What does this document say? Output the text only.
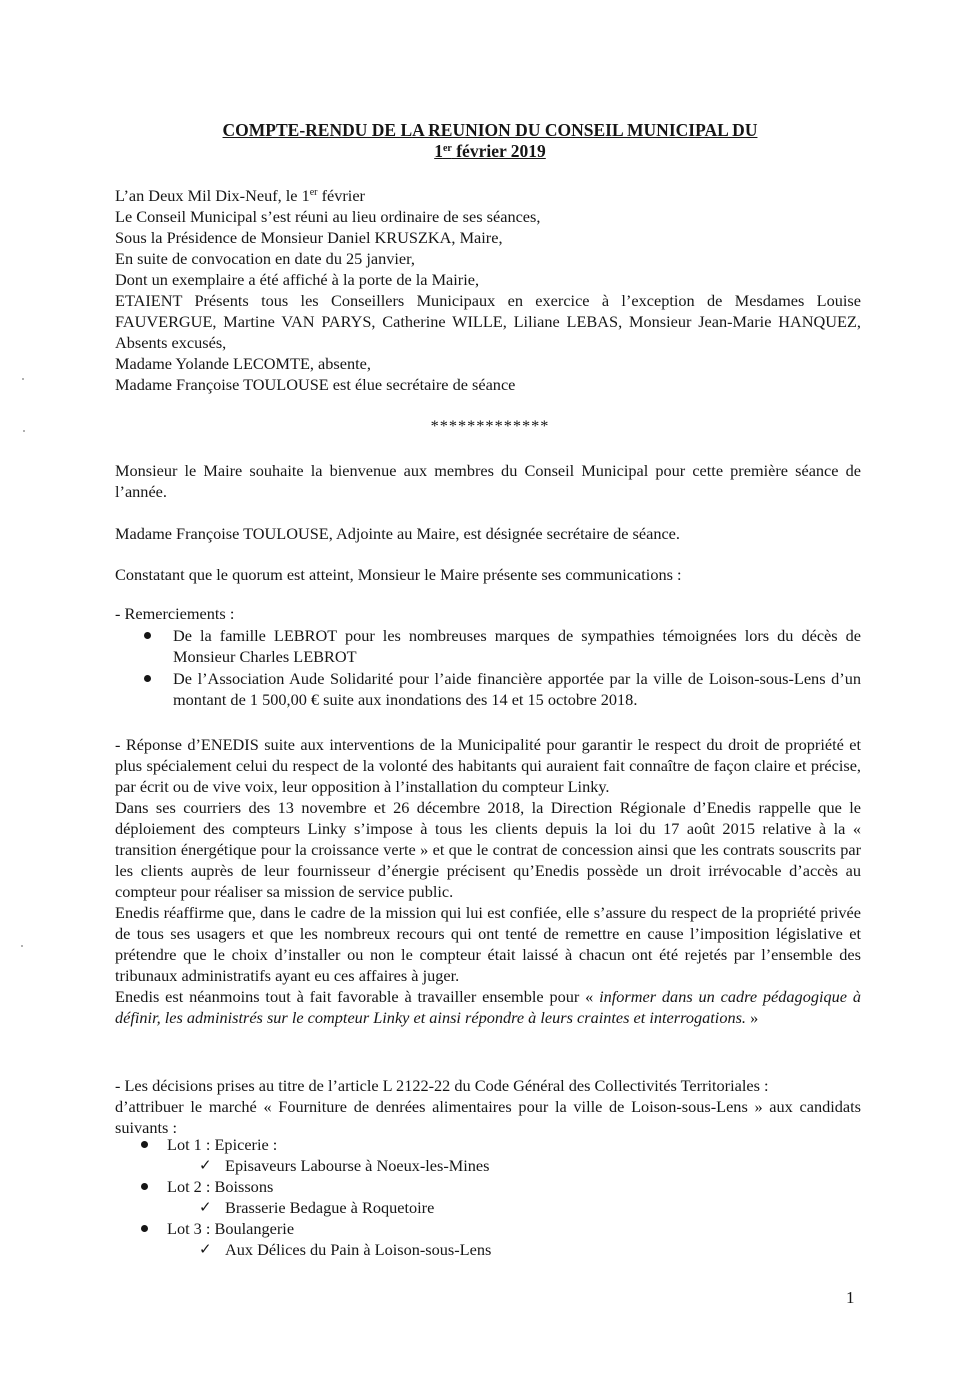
COMPTE-RENDU DE LA REUNION DU CONSEIL MUNICIPAL DU
1er février 2019
L’an Deux Mil Dix-Neuf, le 1er février
Le Conseil Municipal s’est réuni au lieu ordinaire de ses séances,
Sous la Présidence de Monsieur Daniel KRUSZKA, Maire,
En suite de convocation en date du 25 janvier,
Dont un exemplaire a été affiché à la porte de la Mairie,
ETAIENT Présents tous les Conseillers Municipaux en exercice à l’exception de Mesdames Louise FAUVERGUE, Martine VAN PARYS, Catherine WILLE, Liliane LEBAS, Monsieur Jean-Marie HANQUEZ, Absents excusés,
Madame Yolande LECOMTE, absente,
Madame Françoise TOULOUSE est élue secrétaire de séance
*************
Monsieur le Maire souhaite la bienvenue aux membres du Conseil Municipal pour cette première séance de l’année.
Madame Françoise TOULOUSE, Adjointe au Maire, est désignée secrétaire de séance.
Constatant que le quorum est atteint, Monsieur le Maire présente ses communications :
- Remerciements :
De la famille LEBROT pour les nombreuses marques de sympathies témoignées lors du décès de Monsieur Charles LEBROT
De l’Association Aude Solidarité pour l’aide financière apportée par la ville de Loison-sous-Lens d’un montant de 1 500,00 € suite aux inondations des 14 et 15 octobre 2018.
- Réponse d’ENEDIS suite aux interventions de la Municipalité pour garantir le respect du droit de propriété et plus spécialement celui du respect de la volonté des habitants qui auraient fait connaître de façon claire et précise, par écrit ou de vive voix, leur opposition à l’installation du compteur Linky.
Dans ses courriers des 13 novembre et 26 décembre 2018, la Direction Régionale d’Enedis rappelle que le déploiement des compteurs Linky s’impose à tous les clients depuis la loi du 17 août 2015 relative à la « transition énergétique pour la croissance verte » et que le contrat de concession ainsi que les contrats souscrits par les clients auprès de leur fournisseur d’énergie précisent qu’Enedis possède un droit irrévocable d’accès au compteur pour réaliser sa mission de service public.
Enedis réaffirme que, dans le cadre de la mission qui lui est confiée, elle s’assure du respect de la propriété privée de tous ses usagers et que les nombreux recours qui ont tenté de remettre en cause l’imposition législative et prétendre que le choix d’installer ou non le compteur était laissé à chacun ont été rejetés par l’ensemble des tribunaux administratifs ayant eu ces affaires à juger.
Enedis est néanmoins tout à fait favorable à travailler ensemble pour « informer dans un cadre pédagogique à définir, les administrés sur le compteur Linky et ainsi répondre à leurs craintes et interrogations. »
- Les décisions prises au titre de l’article L 2122-22 du Code Général des Collectivités Territoriales :
d’attribuer le marché « Fourniture de denrées alimentaires pour la ville de Loison-sous-Lens » aux candidats suivants :
Lot 1 : Epicerie :
✓ Episaveurs Labourse à Noeux-les-Mines
Lot 2 : Boissons
✓ Brasserie Bedague à Roquetoire
Lot 3 : Boulangerie
✓ Aux Délices du Pain à Loison-sous-Lens
1
